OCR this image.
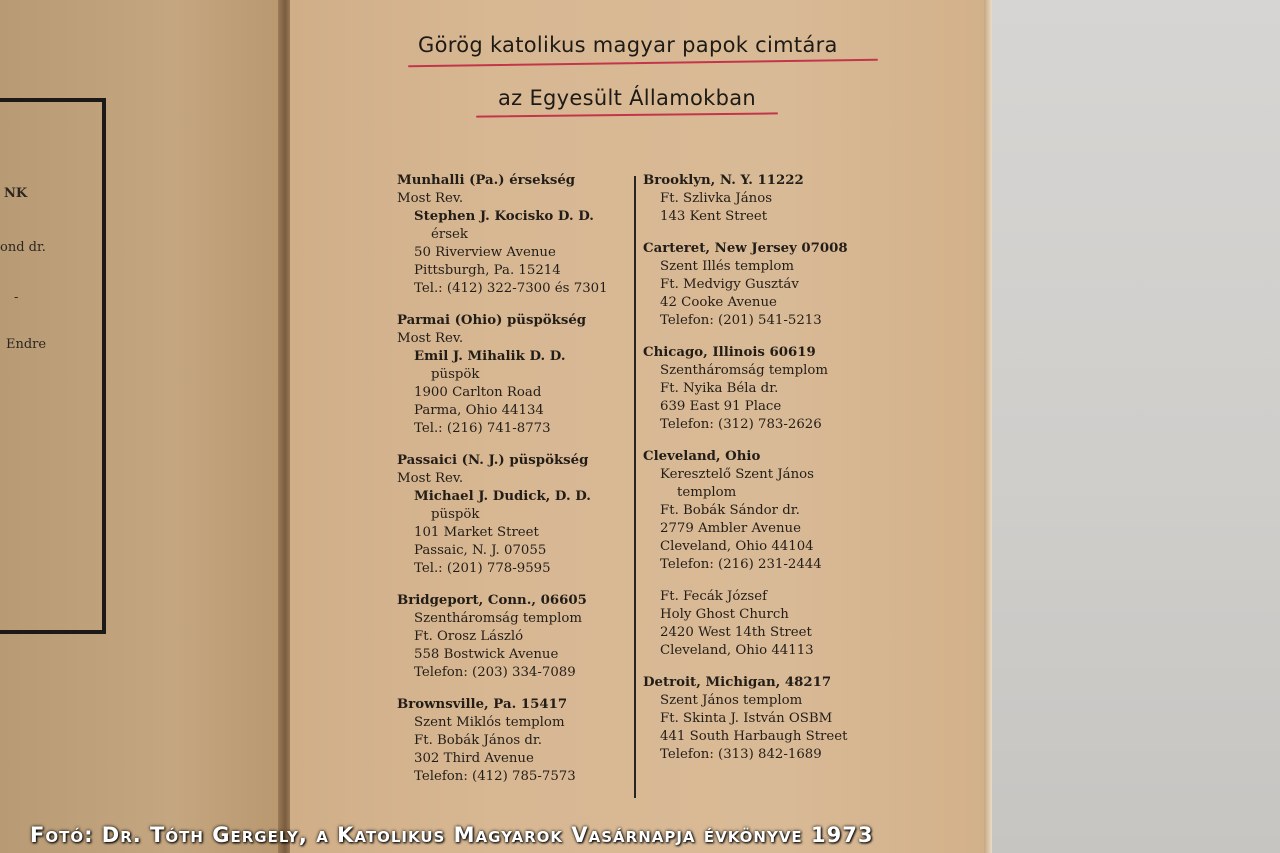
NK
ond dr.
-
Endre
Görög katolikus magyar papok cimtára
az Egyesült Államokban
Munhalli (Pa.) érsekség
Most Rev.
Stephen J. Kocisko D. D.
érsek
50 Riverview Avenue
Pittsburgh, Pa. 15214
Tel.: (412) 322-7300 és 7301
Parmai (Ohio) püspökség
Most Rev.
Emil J. Mihalik D. D.
püspök
1900 Carlton Road
Parma, Ohio 44134
Tel.: (216) 741-8773
Passaici (N. J.) püspökség
Most Rev.
Michael J. Dudick, D. D.
püspök
101 Market Street
Passaic, N. J. 07055
Tel.: (201) 778-9595
Bridgeport, Conn., 06605
Szentháromság templom
Ft. Orosz László
558 Bostwick Avenue
Telefon: (203) 334-7089
Brownsville, Pa. 15417
Szent Miklós templom
Ft. Bobák János dr.
302 Third Avenue
Telefon: (412) 785-7573
Brooklyn, N. Y. 11222
Ft. Szlivka János
143 Kent Street
Carteret, New Jersey 07008
Szent Illés templom
Ft. Medvigy Gusztáv
42 Cooke Avenue
Telefon: (201) 541-5213
Chicago, Illinois 60619
Szentháromság templom
Ft. Nyika Béla dr.
639 East 91 Place
Telefon: (312) 783-2626
Cleveland, Ohio
Keresztelő Szent János
templom
Ft. Bobák Sándor dr.
2779 Ambler Avenue
Cleveland, Ohio 44104
Telefon: (216) 231-2444
Ft. Fecák József
Holy Ghost Church
2420 West 14th Street
Cleveland, Ohio 44113
Detroit, Michigan, 48217
Szent János templom
Ft. Skinta J. István OSBM
441 South Harbaugh Street
Telefon: (313) 842-1689
Fotó: Dr. Tóth Gergely, a Katolikus Magyarok Vasárnapja évkönyve 1973
